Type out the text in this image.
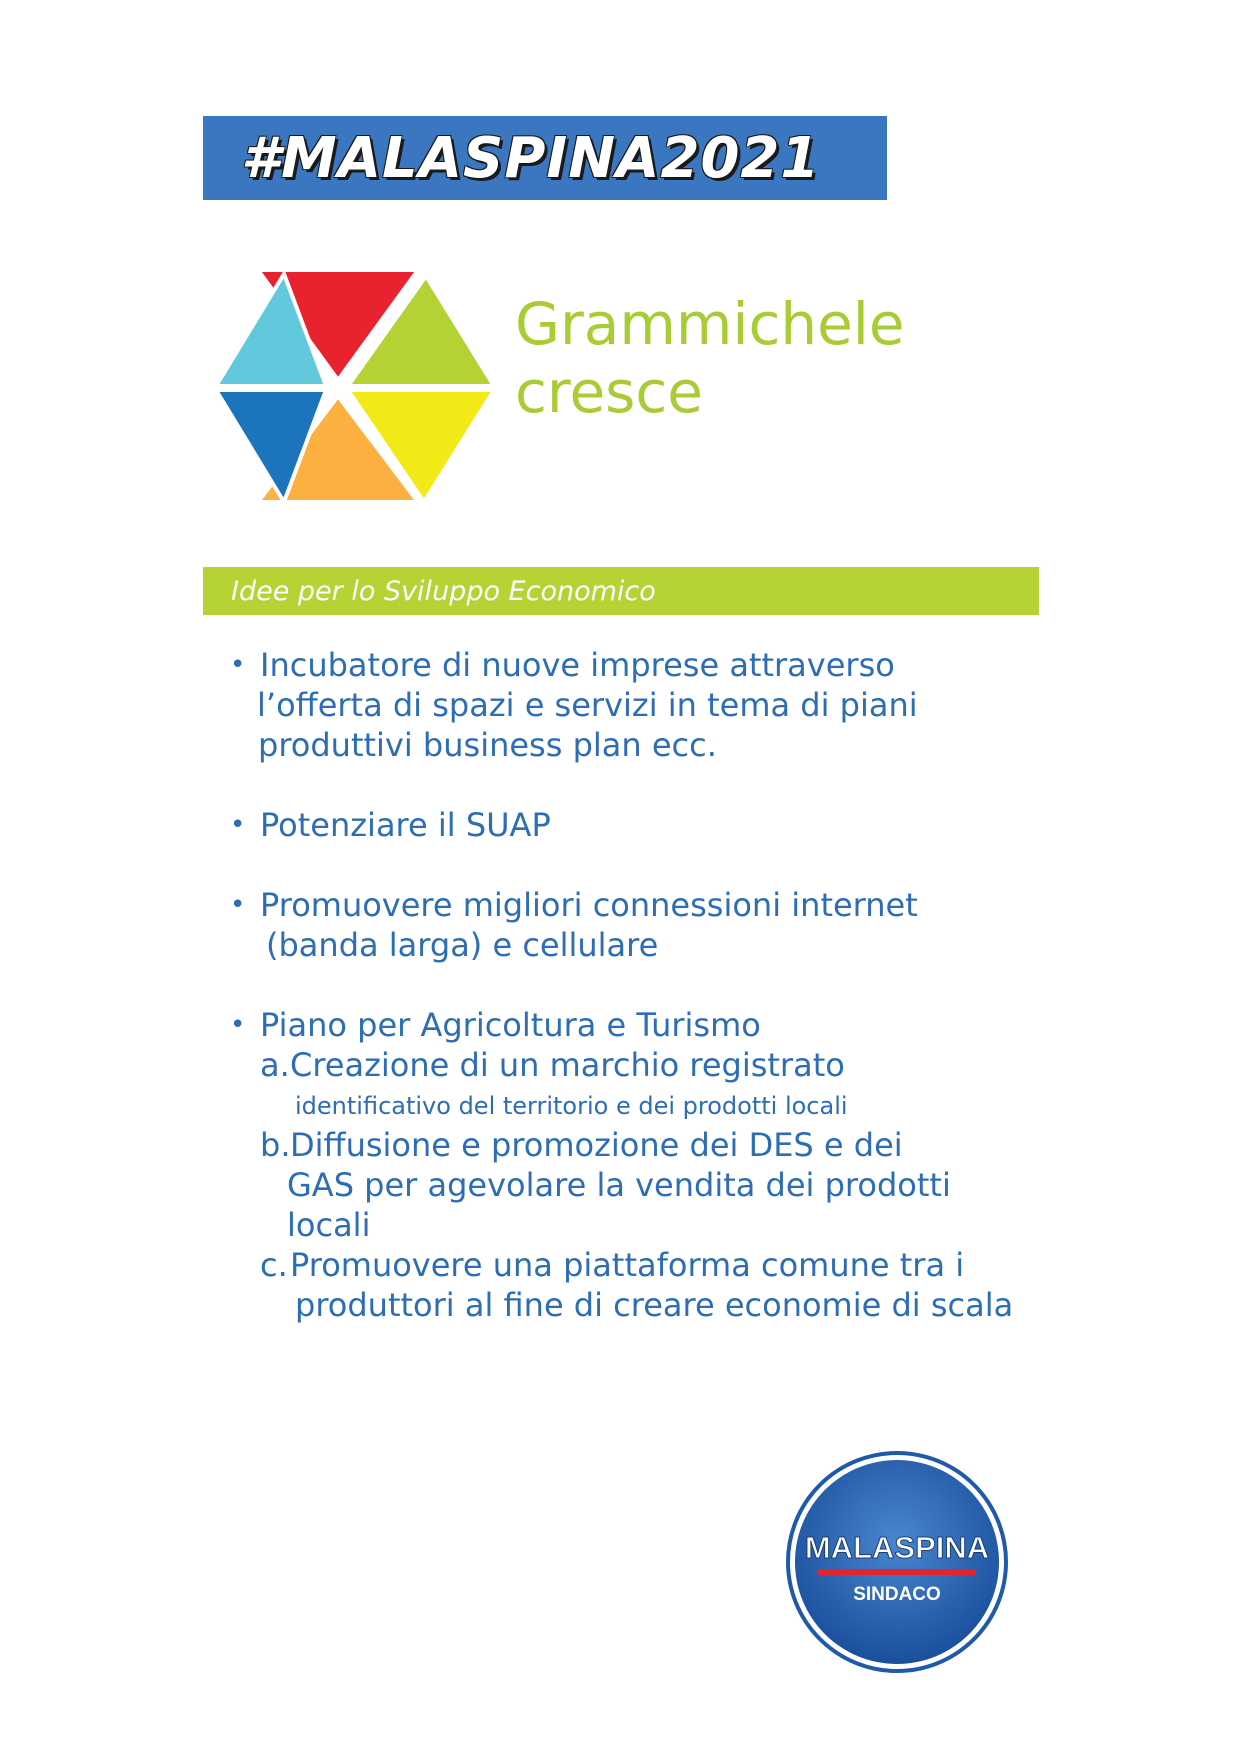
#MALASPINA2021
Grammichele
cresce
Idee per lo Sviluppo Economico
• Incubatore di nuove imprese attraverso
l’offerta di spazi e servizi in tema di piani
produttivi business plan ecc.
• Potenziare il SUAP
• Promuovere migliori connessioni internet
(banda larga) e cellulare
• Piano per Agricoltura e Turismo
a. Creazione di un marchio registrato
identificativo del territorio e dei prodotti locali
b. Diffusione e promozione dei DES e dei
GAS per agevolare la vendita dei prodotti
locali
c. Promuovere una piattaforma comune tra i
produttori al fine di creare economie di scala
MALASPINA
SINDACO
